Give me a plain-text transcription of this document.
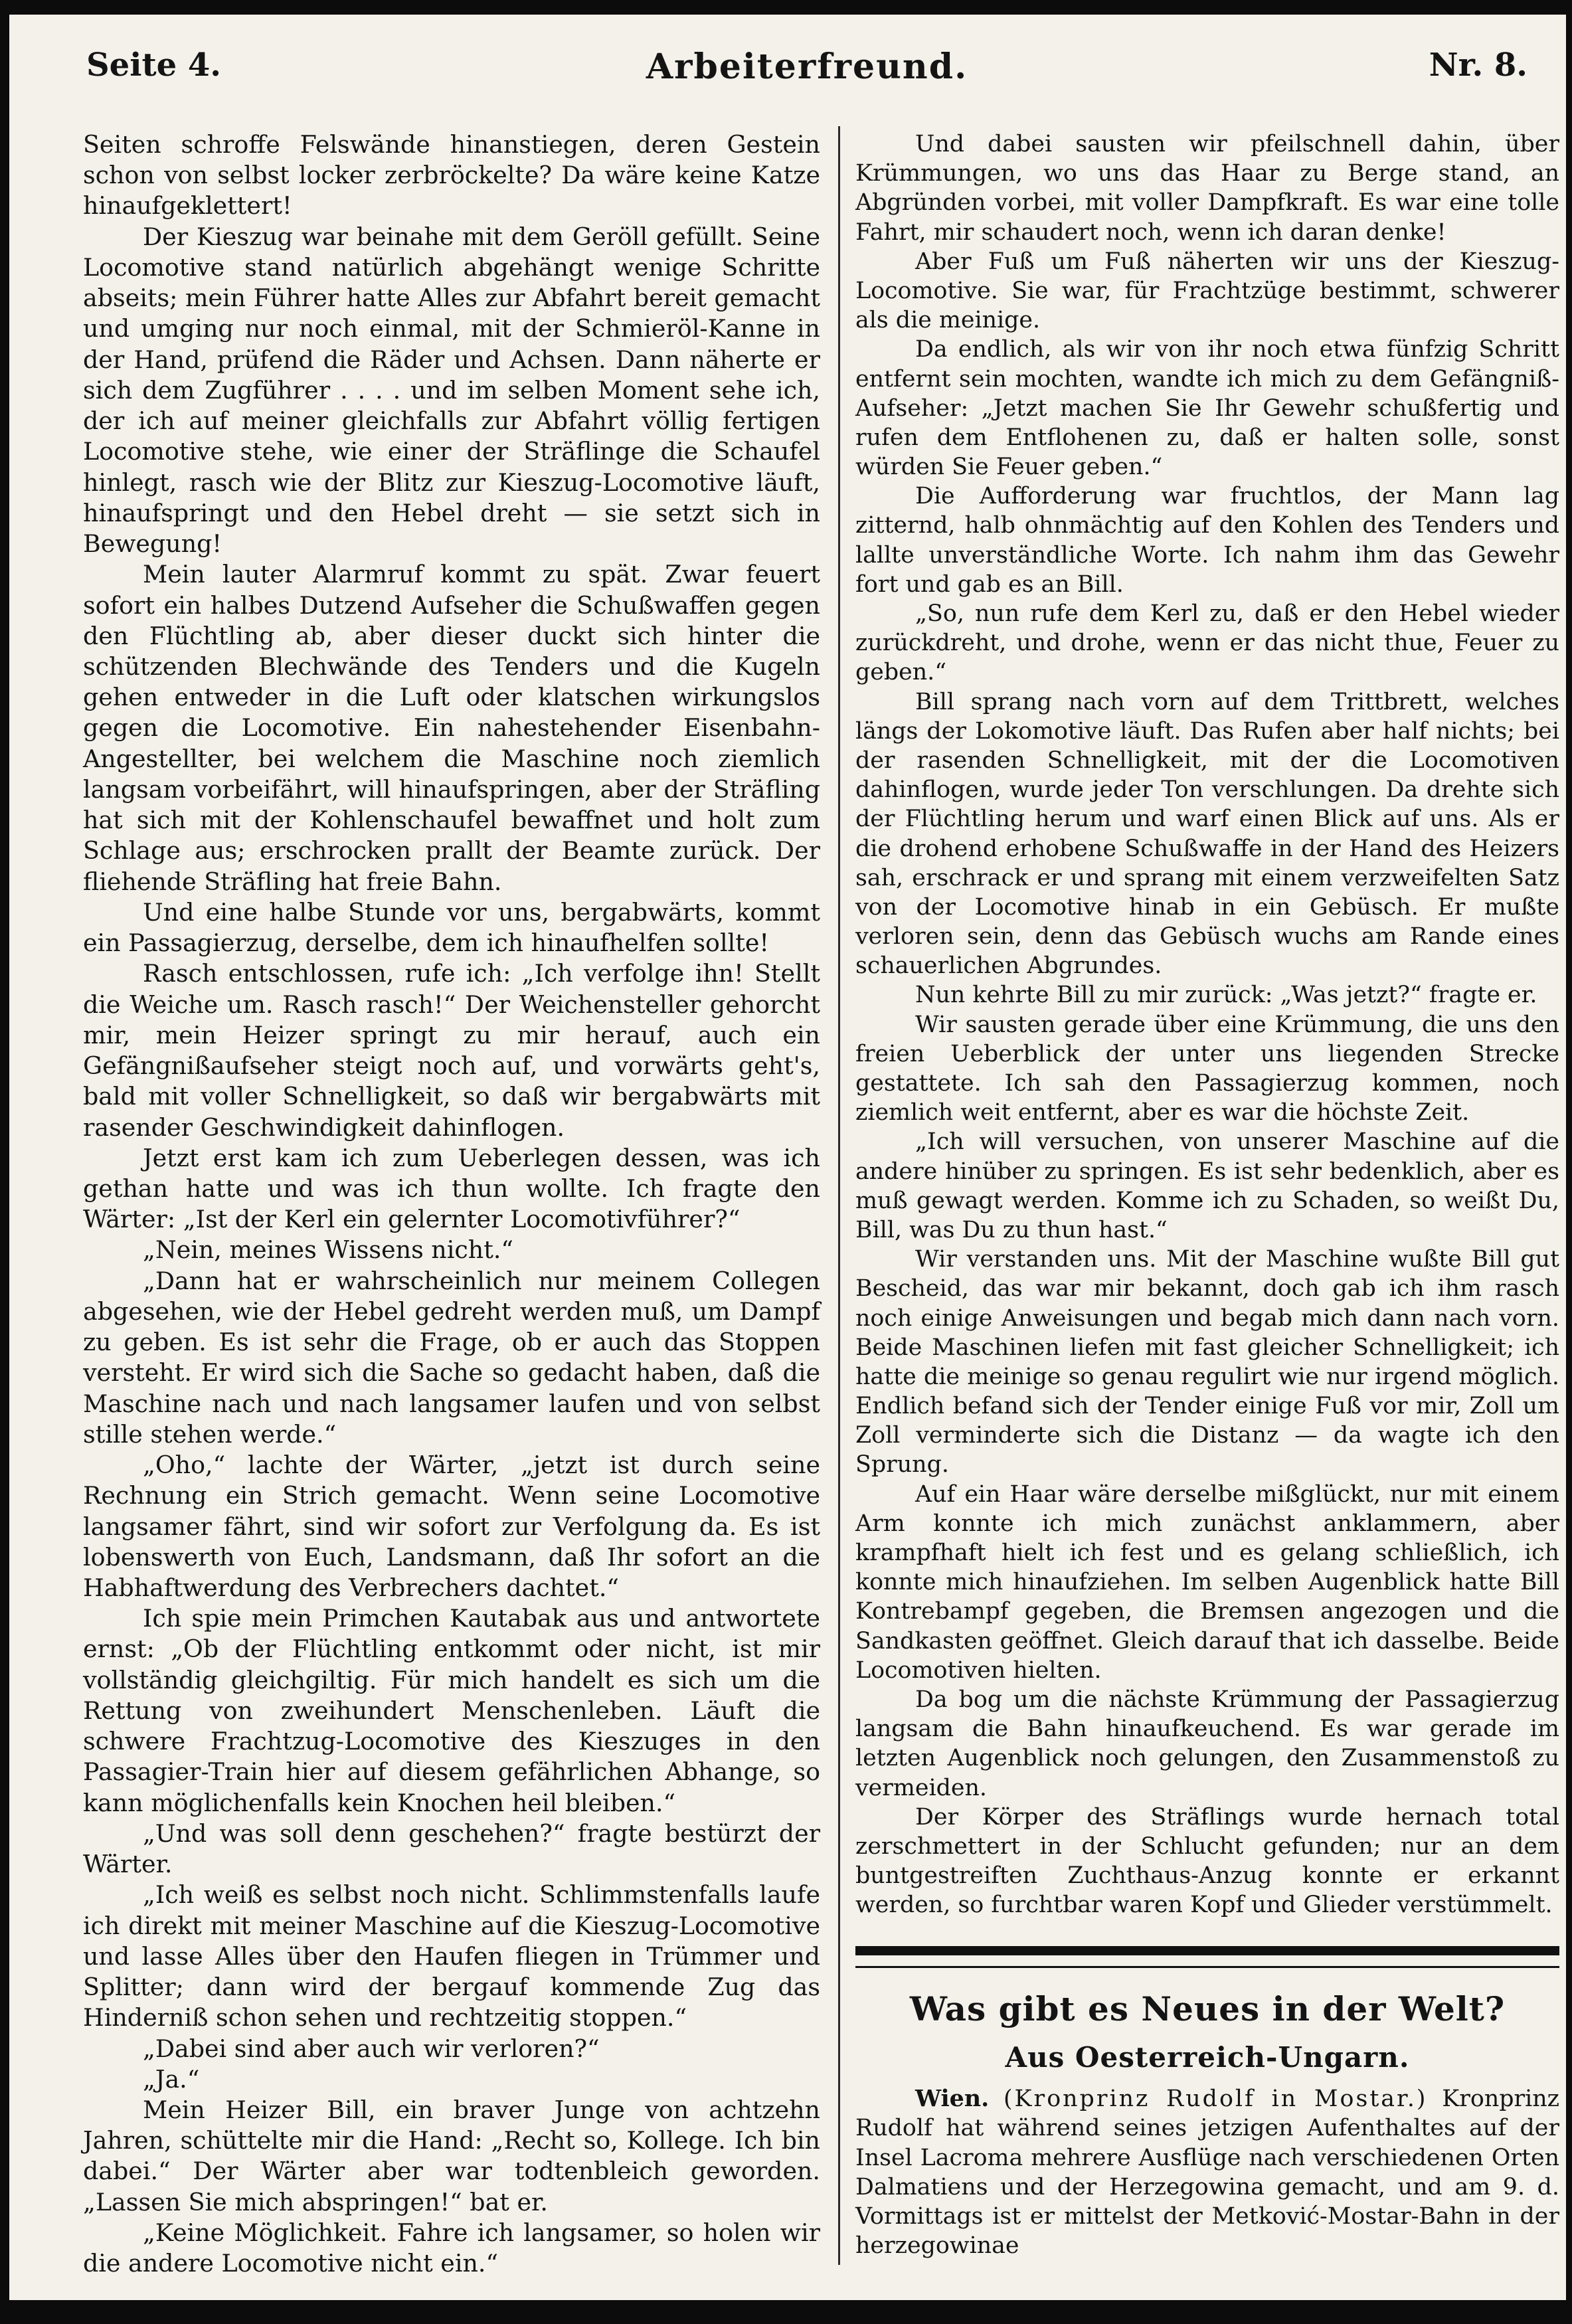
Arbeiterfreund.
Seite 4.	Nr. 8.

Seiten schroffe Felswände hinanstiegen, deren Gestein schon von selbst locker zerbröckelte? Da wäre keine Katze hinaufgeklettert!

Der Kieszug war beinahe mit dem Geröll gefüllt. Seine Locomotive stand natürlich abgehängt wenige Schritte abseits; mein Führer hatte Alles zur Abfahrt bereit gemacht und umging nur noch einmal, mit der Schmieröl-Kanne in der Hand, prüfend die Räder und Achsen. Dann näherte er sich dem Zugführer . . . . und im selben Moment sehe ich, der ich auf meiner gleichfalls zur Abfahrt völlig fertigen Locomotive stehe, wie einer der Sträflinge die Schaufel hinlegt, rasch wie der Blitz zur Kieszug-Locomotive läuft, hinaufspringt und den Hebel dreht — sie setzt sich in Bewegung!

Mein lauter Alarmruf kommt zu spät. Zwar feuert sofort ein halbes Dutzend Aufseher die Schußwaffen gegen den Flüchtling ab, aber dieser duckt sich hinter die schützenden Blechwände des Tenders und die Kugeln gehen entweder in die Luft oder klatschen wirkungslos gegen die Locomotive. Ein nahestehender Eisenbahn-Angestellter, bei welchem die Maschine noch ziemlich langsam vorbeifährt, will hinaufspringen, aber der Sträfling hat sich mit der Kohlenschaufel bewaffnet und holt zum Schlage aus; erschrocken prallt der Beamte zurück. Der fliehende Sträfling hat freie Bahn.

Und eine halbe Stunde vor uns, bergabwärts, kommt ein Passagierzug, derselbe, dem ich hinaufhelfen sollte!

Rasch entschlossen, rufe ich: „Ich verfolge ihn! Stellt die Weiche um. Rasch rasch!“ Der Weichensteller gehorcht mir, mein Heizer springt zu mir herauf, auch ein Gefängnißaufseher steigt noch auf, und vorwärts geht's, bald mit voller Schnelligkeit, so daß wir bergabwärts mit rasender Geschwindigkeit dahinflogen.

Jetzt erst kam ich zum Ueberlegen dessen, was ich gethan hatte und was ich thun wollte. Ich fragte den Wärter: „Ist der Kerl ein gelernter Locomotivführer?“

„Nein, meines Wissens nicht.“

„Dann hat er wahrscheinlich nur meinem Collegen abgesehen, wie der Hebel gedreht werden muß, um Dampf zu geben. Es ist sehr die Frage, ob er auch das Stoppen versteht. Er wird sich die Sache so gedacht haben, daß die Maschine nach und nach langsamer laufen und von selbst stille stehen werde.“

„Oho,“ lachte der Wärter, „jetzt ist durch seine Rechnung ein Strich gemacht. Wenn seine Locomotive langsamer fährt, sind wir sofort zur Verfolgung da. Es ist lobenswerth von Euch, Landsmann, daß Ihr sofort an die Habhaftwerdung des Verbrechers dachtet.“

Ich spie mein Primchen Kautabak aus und antwortete ernst: „Ob der Flüchtling entkommt oder nicht, ist mir vollständig gleichgiltig. Für mich handelt es sich um die Rettung von zweihundert Menschenleben. Läuft die schwere Frachtzug-Locomotive des Kieszuges in den Passagier-Train hier auf diesem gefährlichen Abhange, so kann möglichenfalls kein Knochen heil bleiben.“

„Und was soll denn geschehen?“ fragte bestürzt der Wärter.

„Ich weiß es selbst noch nicht. Schlimmstenfalls laufe ich direkt mit meiner Maschine auf die Kieszug-Locomotive und lasse Alles über den Haufen fliegen in Trümmer und Splitter; dann wird der bergauf kommende Zug das Hinderniß schon sehen und rechtzeitig stoppen.“

„Dabei sind aber auch wir verloren?“

„Ja.“

Mein Heizer Bill, ein braver Junge von achtzehn Jahren, schüttelte mir die Hand: „Recht so, Kollege. Ich bin dabei.“ Der Wärter aber war todtenbleich geworden. „Lassen Sie mich abspringen!“ bat er.

„Keine Möglichkeit. Fahre ich langsamer, so holen wir die andere Locomotive nicht ein.“

Und dabei sausten wir pfeilschnell dahin, über Krümmungen, wo uns das Haar zu Berge stand, an Abgründen vorbei, mit voller Dampfkraft. Es war eine tolle Fahrt, mir schaudert noch, wenn ich daran denke!

Aber Fuß um Fuß näherten wir uns der Kieszug-Locomotive. Sie war, für Frachtzüge bestimmt, schwerer als die meinige.

Da endlich, als wir von ihr noch etwa fünfzig Schritt entfernt sein mochten, wandte ich mich zu dem Gefängniß-Aufseher: „Jetzt machen Sie Ihr Gewehr schußfertig und rufen dem Entflohenen zu, daß er halten solle, sonst würden Sie Feuer geben.“

Die Aufforderung war fruchtlos, der Mann lag zitternd, halb ohnmächtig auf den Kohlen des Tenders und lallte unverständliche Worte. Ich nahm ihm das Gewehr fort und gab es an Bill.

„So, nun rufe dem Kerl zu, daß er den Hebel wieder zurückdreht, und drohe, wenn er das nicht thue, Feuer zu geben.“

Bill sprang nach vorn auf dem Trittbrett, welches längs der Lokomotive läuft. Das Rufen aber half nichts; bei der rasenden Schnelligkeit, mit der die Locomotiven dahinflogen, wurde jeder Ton verschlungen. Da drehte sich der Flüchtling herum und warf einen Blick auf uns. Als er die drohend erhobene Schußwaffe in der Hand des Heizers sah, erschrack er und sprang mit einem verzweifelten Satz von der Locomotive hinab in ein Gebüsch. Er mußte verloren sein, denn das Gebüsch wuchs am Rande eines schauerlichen Abgrundes.

Nun kehrte Bill zu mir zurück: „Was jetzt?“ fragte er.

Wir sausten gerade über eine Krümmung, die uns den freien Ueberblick der unter uns liegenden Strecke gestattete. Ich sah den Passagierzug kommen, noch ziemlich weit entfernt, aber es war die höchste Zeit.

„Ich will versuchen, von unserer Maschine auf die andere hinüber zu springen. Es ist sehr bedenklich, aber es muß gewagt werden. Komme ich zu Schaden, so weißt Du, Bill, was Du zu thun hast.“

Wir verstanden uns. Mit der Maschine wußte Bill gut Bescheid, das war mir bekannt, doch gab ich ihm rasch noch einige Anweisungen und begab mich dann nach vorn. Beide Maschinen liefen mit fast gleicher Schnelligkeit; ich hatte die meinige so genau regulirt wie nur irgend möglich. Endlich befand sich der Tender einige Fuß vor mir, Zoll um Zoll verminderte sich die Distanz — da wagte ich den Sprung.

Auf ein Haar wäre derselbe mißglückt, nur mit einem Arm konnte ich mich zunächst anklammern, aber krampfhaft hielt ich fest und es gelang schließlich, ich konnte mich hinaufziehen. Im selben Augenblick hatte Bill Kontrebampf gegeben, die Bremsen angezogen und die Sandkasten geöffnet. Gleich darauf that ich dasselbe. Beide Locomotiven hielten.

Da bog um die nächste Krümmung der Passagierzug langsam die Bahn hinaufkeuchend. Es war gerade im letzten Augenblick noch gelungen, den Zusammenstoß zu vermeiden.

Der Körper des Sträflings wurde hernach total zerschmettert in der Schlucht gefunden; nur an dem buntgestreiften Zuchthaus-Anzug konnte er erkannt werden, so furchtbar waren Kopf und Glieder verstümmelt.

Was gibt es Neues in der Welt?
Aus Oesterreich-Ungarn.

Wien. (Kronprinz Rudolf in Mostar.) Kronprinz Rudolf hat während seines jetzigen Aufenthaltes auf der Insel Lacroma mehrere Ausflüge nach verschiedenen Orten Dalmatiens und der Herzegowina gemacht, und am 9. d. Vormittags ist er mittelst der Metković-Mostar-Bahn in der herzegowinae
